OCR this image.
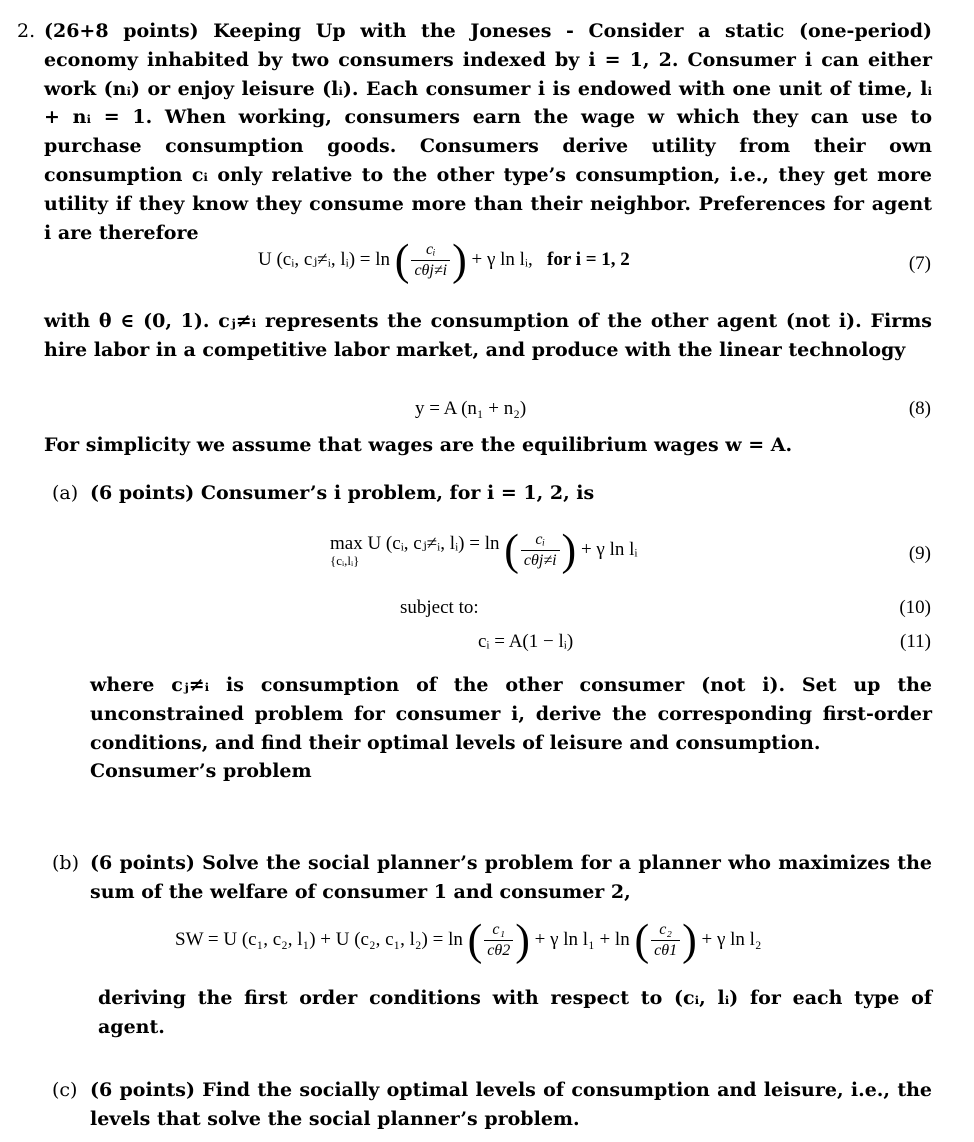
2. (26+8 points) Keeping Up with the Joneses - Consider a static (one-period) economy inhabited by two consumers indexed by i = 1, 2. Consumer i can either work (nᵢ) or enjoy leisure (lᵢ). Each consumer i is endowed with one unit of time, lᵢ + nᵢ = 1. When working, consumers earn the wage w which they can use to purchase consumption goods. Consumers derive utility from their own consumption cᵢ only relative to the other type’s consumption, i.e., they get more utility if they know they consume more than their neighbor. Preferences for agent i are therefore
U (cᵢ, cⱼ≠ᵢ, lᵢ) = ln ( $\frac{\text{cᵢ}}{\text{cθj≠i}}$ ) + γ ln lᵢ, for i = 1, 2	(7)
with θ ∈ (0, 1). cⱼ≠ᵢ represents the consumption of the other agent (not i). Firms hire labor in a competitive labor market, and produce with the linear technology
y = A (n₁ + n₂)	(8)
For simplicity we assume that wages are the equilibrium wages w = A.
(a) (6 points) Consumer’s i problem, for i = 1, 2, is
max U (cᵢ, cⱼ≠ᵢ, lᵢ) = ln
{cᵢ,lᵢ}	( $\frac{\text{cᵢ}}{\text{cθj≠i}}$ ) + γ ln lᵢ	(9)
subject to:	(10)
cᵢ = A(1 − lᵢ)	(11)
where cⱼ≠ᵢ is consumption of the other consumer (not i). Set up the unconstrained problem for consumer i, derive the corresponding first-order conditions, and find their optimal levels of leisure and consumption.
Consumer’s problem
(b) (6 points) Solve the social planner’s problem for a planner who maximizes the sum of the welfare of consumer 1 and consumer 2,
SW = U (c₁, c₂, l₁) + U (c₂, c₁, l₂) = ln ( $\frac{\text{c₁}}{c\theta 2}$ ) + γ ln l₁ + ln ( $\frac{\text{c₂}}{c\theta 1}$ ) + γ ln l₂
deriving the first order conditions with respect to (cᵢ, lᵢ) for each type of agent.
(c) (6 points) Find the socially optimal levels of consumption and leisure, i.e., the levels that solve the social planner’s problem.
